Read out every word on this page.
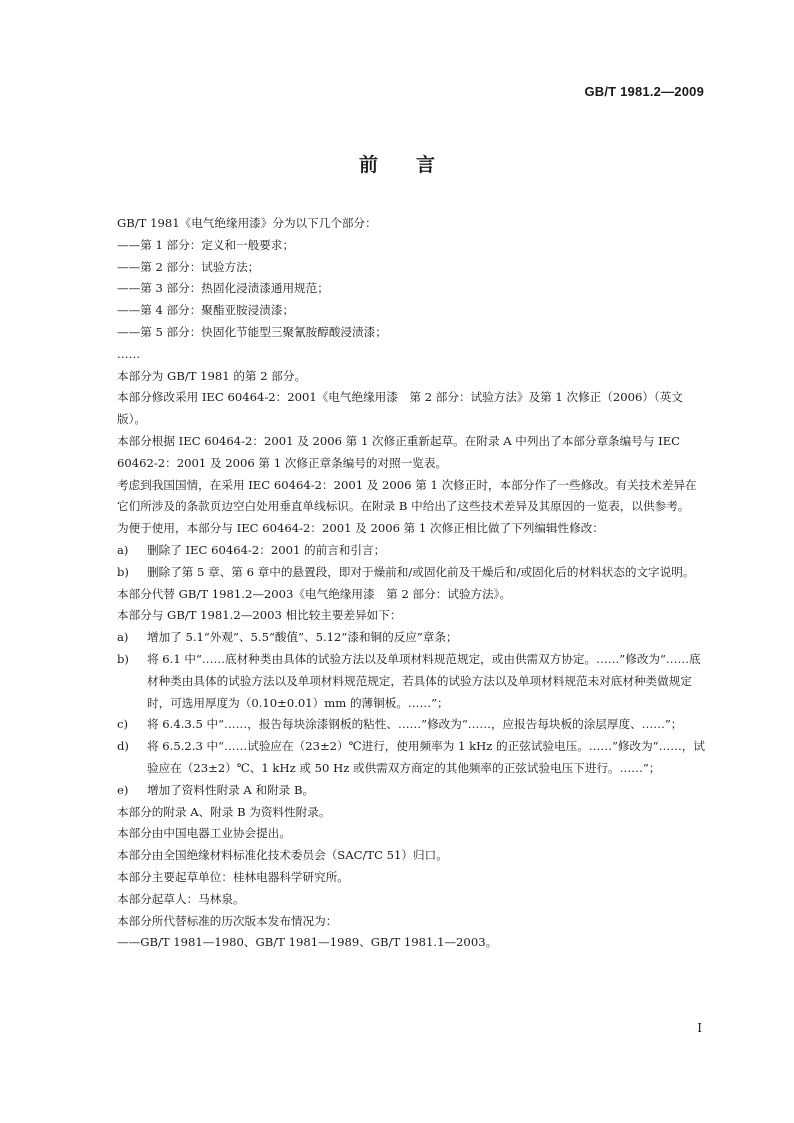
GB/T 1981.2—2009
前言

GB/T 1981《电气绝缘用漆》分为以下几个部分：

——第 1 部分：定义和一般要求；

——第 2 部分：试验方法；

——第 3 部分：热固化浸渍漆通用规范；

——第 4 部分：聚酯亚胺浸渍漆；

——第 5 部分：快固化节能型三聚氰胺醇酸浸渍漆；

……

本部分为 GB/T 1981 的第 2 部分。

本部分修改采用 IEC 60464-2：2001《电气绝缘用漆　第 2 部分：试验方法》及第 1 次修正（2006）（英文版）。

本部分根据 IEC 60464-2：2001 及 2006 第 1 次修正重新起草。在附录 A 中列出了本部分章条编号与 IEC 60462-2：2001 及 2006 第 1 次修正章条编号的对照一览表。

考虑到我国国情，在采用 IEC 60464-2：2001 及 2006 第 1 次修正时，本部分作了一些修改。有关技术差异在它们所涉及的条款页边空白处用垂直单线标识。在附录 B 中给出了这些技术差异及其原因的一览表，以供参考。

为便于使用，本部分与 IEC 60464-2：2001 及 2006 第 1 次修正相比做了下列编辑性修改：

a)	删除了 IEC 60464-2：2001 的前言和引言；
b)	删除了第 5 章、第 6 章中的悬置段，即对于燥前和/或固化前及干燥后和/或固化后的材料状态的文字说明。

本部分代替 GB/T 1981.2—2003《电气绝缘用漆　第 2 部分：试验方法》。

本部分与 GB/T 1981.2—2003 相比较主要差异如下：

a)	增加了 5.1“外观”、5.5“酸值”、5.12“漆和铜的反应”章条；
b)	将 6.1 中“……底材种类由具体的试验方法以及单项材料规范规定，或由供需双方协定。……”修改为“……底材种类由具体的试验方法以及单项材料规范规定，若具体的试验方法以及单项材料规范未对底材种类做规定时，可选用厚度为（0.10±0.01）mm 的薄铜板。……”；
c)	将 6.4.3.5 中“……，报告每块涂漆钢板的粘性、……”修改为“……，应报告每块板的涂层厚度、……”；
d)	将 6.5.2.3 中“……试验应在（23±2）℃进行，使用频率为 1 kHz 的正弦试验电压。……”修改为“……，试验应在（23±2）℃、1 kHz 或 50 Hz 或供需双方商定的其他频率的正弦试验电压下进行。……”；
e)	增加了资料性附录 A 和附录 B。

本部分的附录 A、附录 B 为资料性附录。

本部分由中国电器工业协会提出。

本部分由全国绝缘材料标准化技术委员会（SAC/TC 51）归口。

本部分主要起草单位：桂林电器科学研究所。

本部分起草人：马林泉。

本部分所代替标准的历次版本发布情况为：

——GB/T 1981—1980、GB/T 1981—1989、GB/T 1981.1—2003。

I
